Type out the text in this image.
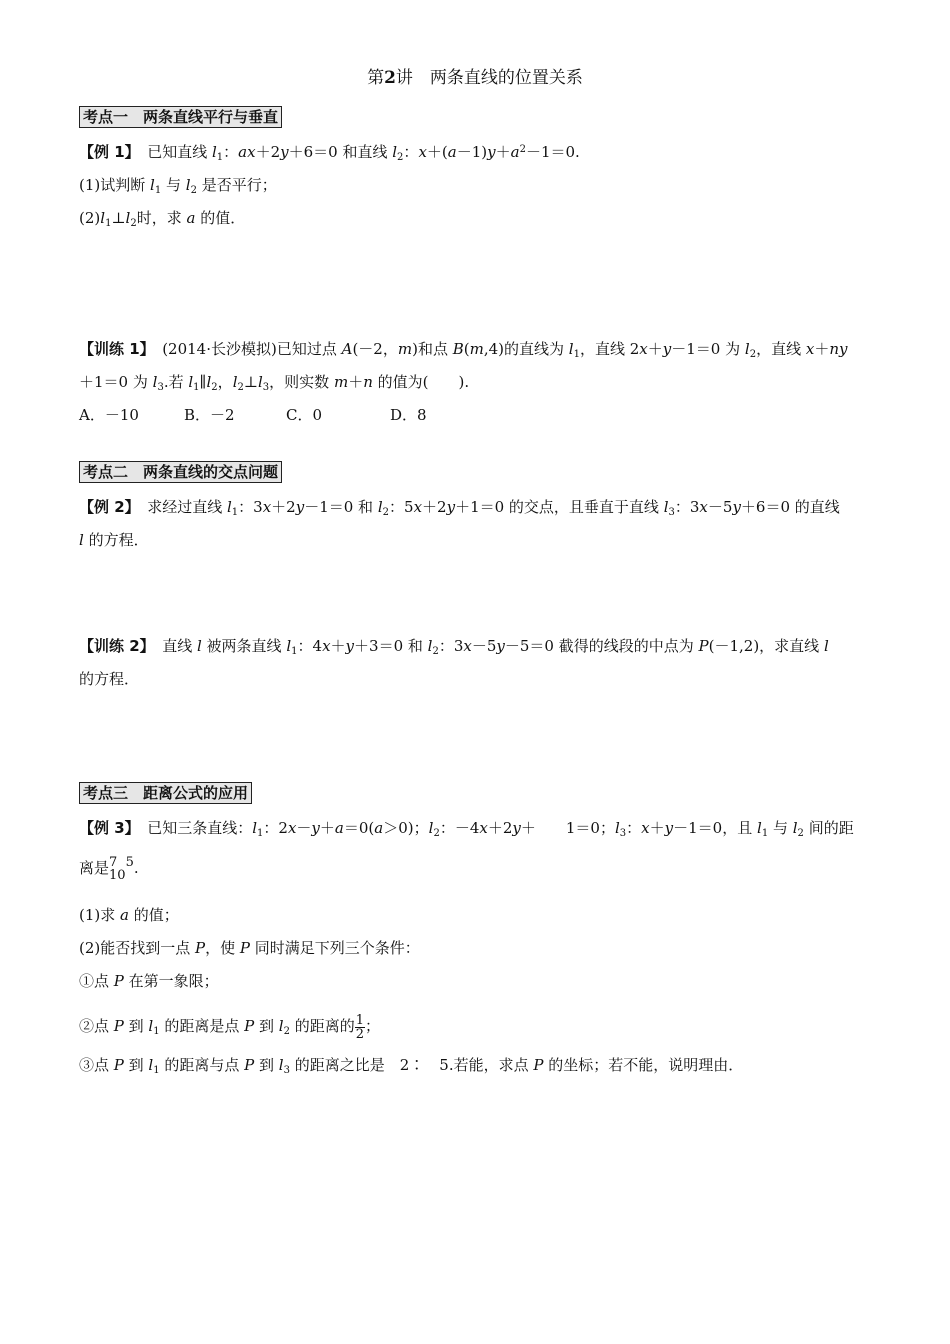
第2讲　两条直线的位置关系
考点一　两条直线平行与垂直
【例 1】　 已知直线 $l_1$：ax＋2y＋6＝0 和直线 $l_2$：$x+(a-1)y+a^2-1=0$.
(1)试判断 $l_1$ 与 $l_2$ 是否平行；
$(2)l_1\perp l_2$时，求 a 的值．
【训练 1】　 (2014·长沙模拟)已知过点 A(－2，m)和点 B(m,4)的直线为 $l_1$，直线 2x＋y－1＝0 为 $l_2$，直线 x＋ny
＋1＝0 为 $l_3$.若 $l_1\parallel l_2$，$l_2\perp l_3$，则实数 m＋n 的值为(　　).
A．－10	B．－2	C．0	D．8
考点二　两条直线的交点问题
【例 2】　 求经过直线 $l_1$：3x＋2y－1＝0 和 $l_2$：5x＋2y＋1＝0 的交点，且垂直于直线 $l_3$：3x－5y＋6＝0 的直线
l 的方程．
【训练 2】　 直线 l 被两条直线 $l_1$：4x＋y＋3＝0 和 $l_2$：3x－5y－5＝0 截得的线段的中点为 P(－1,2)，求直线 l
的方程．
考点三　距离公式的应用
【例 3】　 已知三条直线：$l_1$：2x－y＋a＝0(a＞0)；$l_2$：－4x＋2y＋　　1＝0；$l_3$：x＋y－1＝0，且 $l_1$ 与 $l_2$ 间的距
离是 7 5
10 .
(1)求 a 的值；
(2)能否找到一点 P，使 P 同时满足下列三个条件：
①点 P 在第一象限；
②点 P 到 $l_1$ 的距离是点 P 到 $l_2$ 的距离的 $\frac{1}{2}$ ；
③点 P 到 $l_1$ 的距离与点 P 到 $l_3$ 的距离之比是　2∶　5.若能，求点 P 的坐标；若不能，说明理由．
